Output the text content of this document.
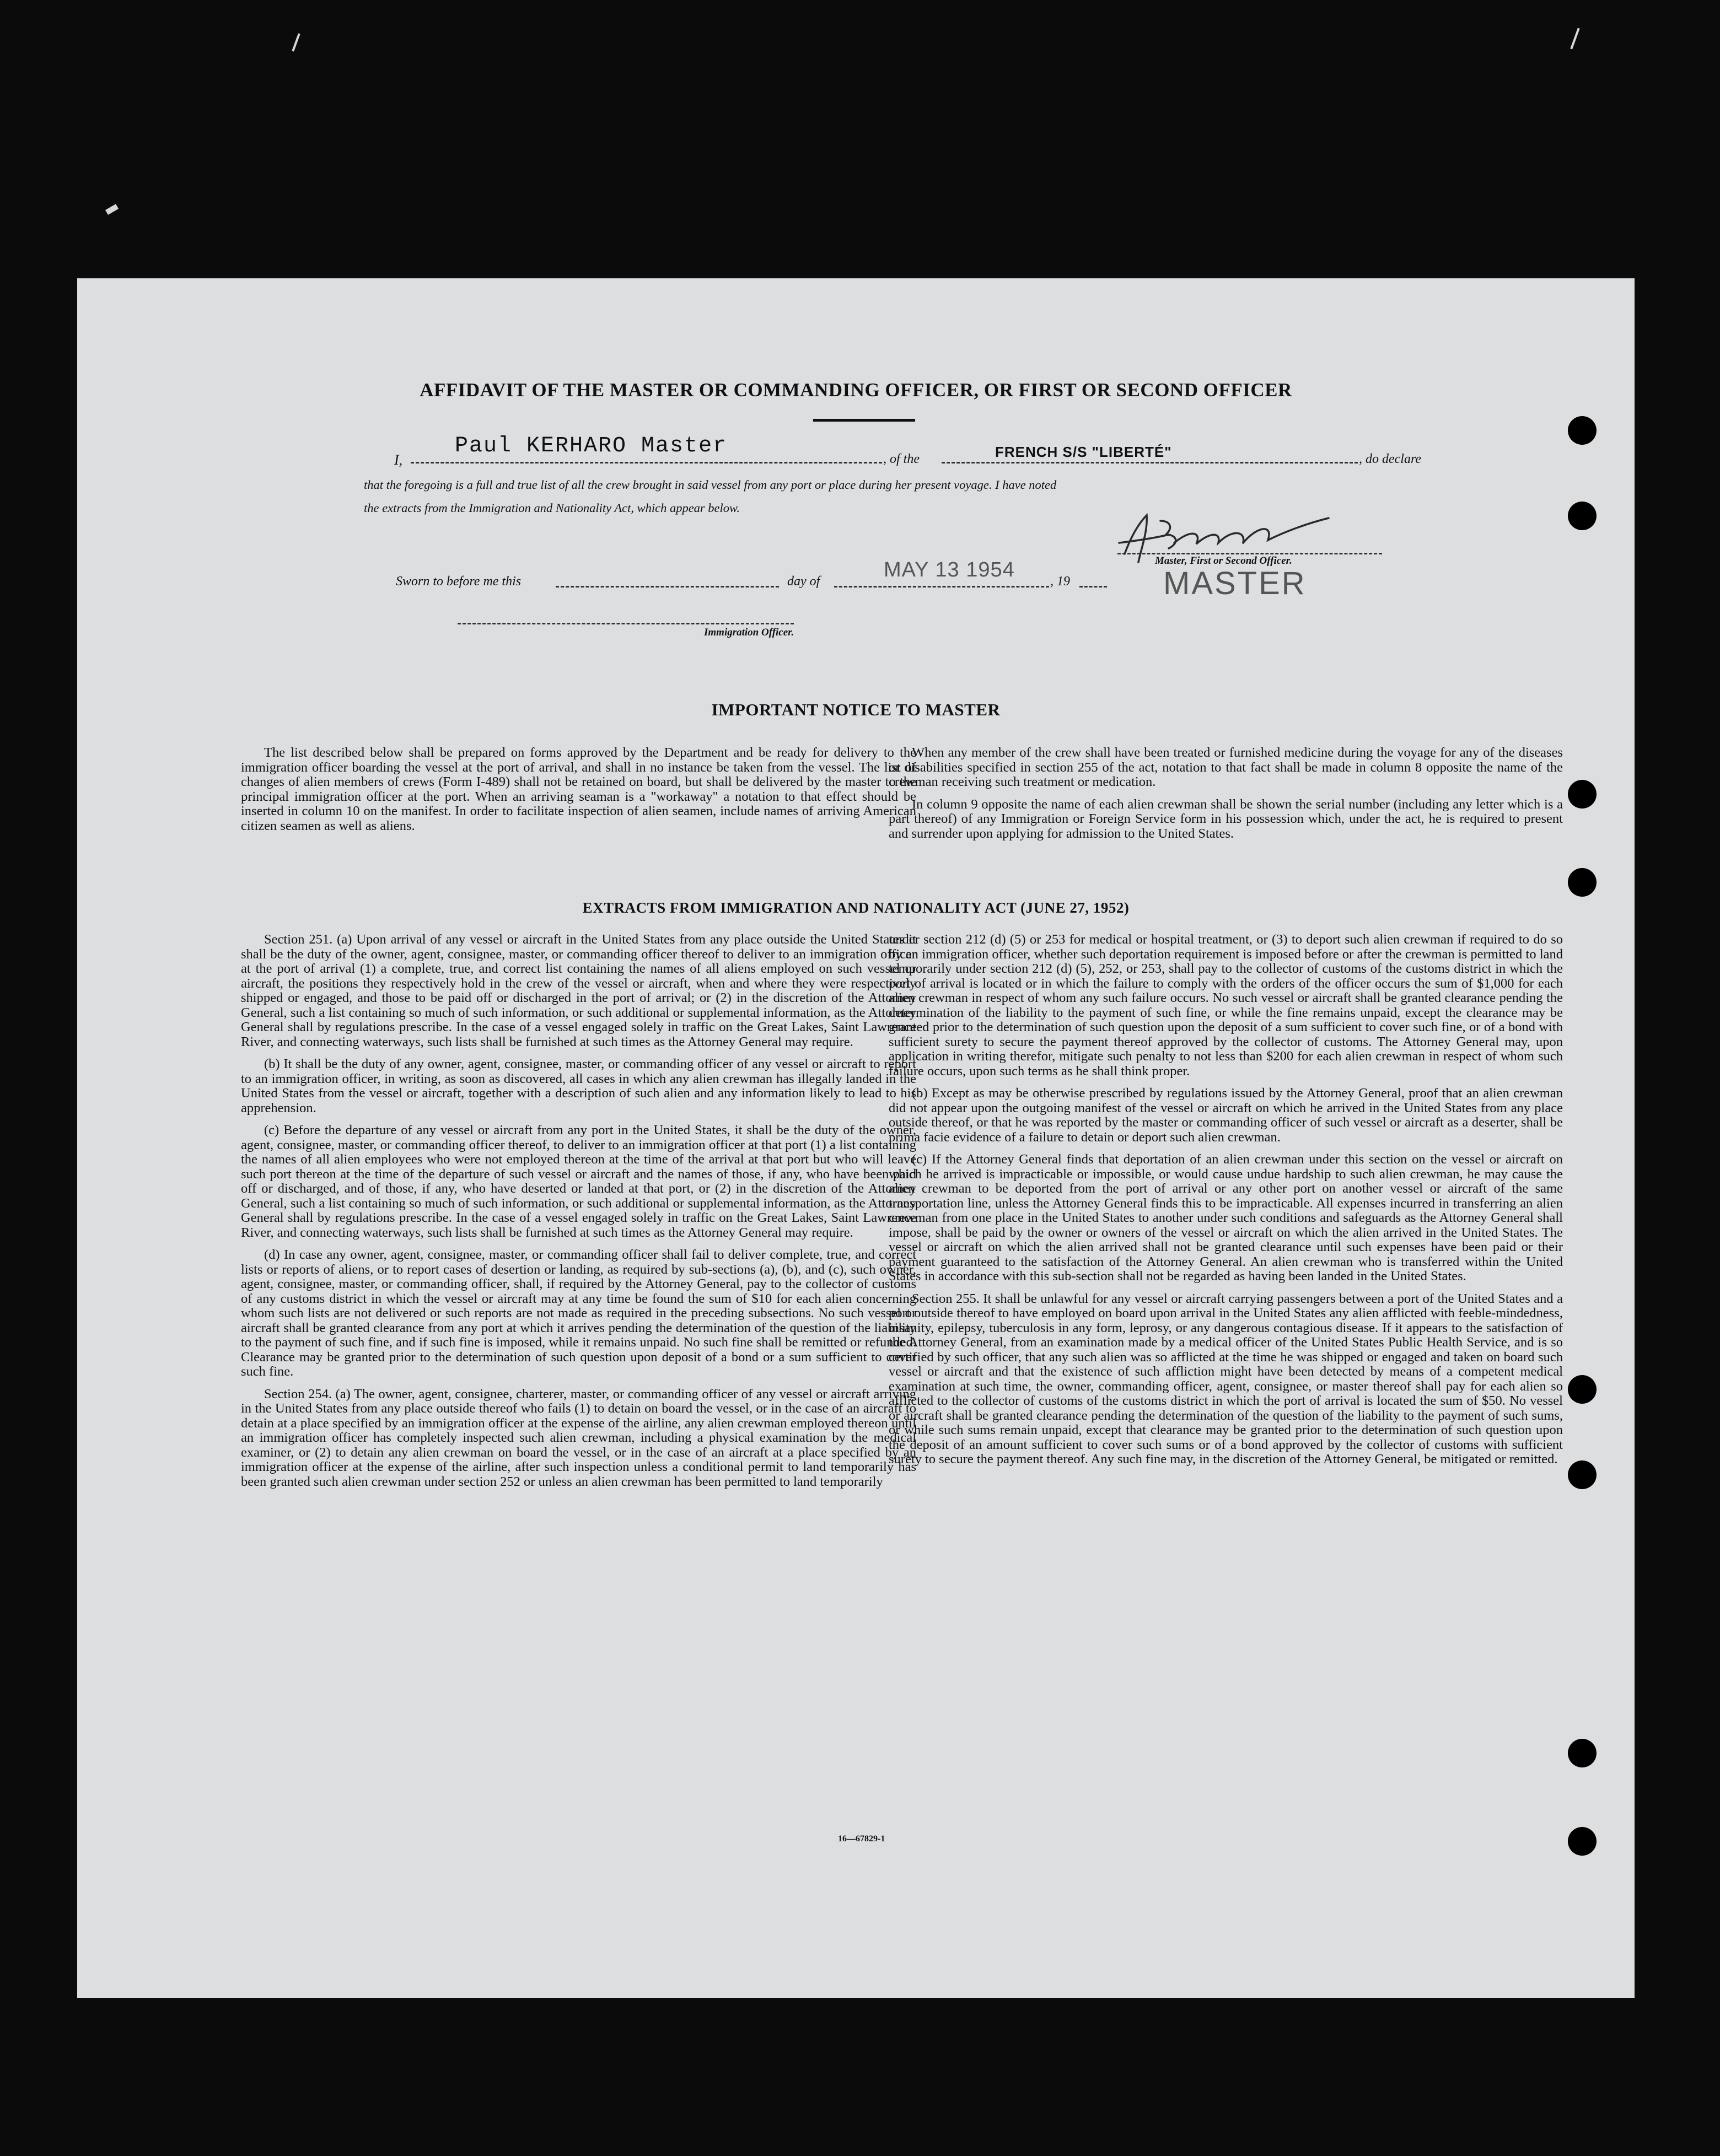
AFFIDAVIT OF THE MASTER OR COMMANDING OFFICER, OR FIRST OR SECOND OFFICER
I,
Paul KERHARO Master
, of the	FRENCH S/S "LIBERTÉ"	, do declare
that the foregoing is a full and true list of all the crew brought in said vessel from any port or place during her present voyage. I have noted
the extracts from the Immigration and Nationality Act, which appear below.
Master, First or Second Officer.
MASTER
Sworn to before me this	day of	MAY 13 1954	, 19
Immigration Officer.
IMPORTANT NOTICE TO MASTER

The list described below shall be prepared on forms approved by the Department and be ready for delivery to the immigration officer boarding the vessel at the port of arrival, and shall in no instance be taken from the vessel. The list of changes of alien members of crews (Form I-489) shall not be retained on board, but shall be delivered by the master to the principal immigration officer at the port. When an arriving seaman is a "workaway" a notation to that effect should be inserted in column 10 on the manifest. In order to facilitate inspection of alien seamen, include names of arriving American citizen seamen as well as aliens.

When any member of the crew shall have been treated or furnished medicine during the voyage for any of the diseases or disabilities specified in section 255 of the act, notation to that fact shall be made in column 8 opposite the name of the crewman receiving such treatment or medication.

In column 9 opposite the name of each alien crewman shall be shown the serial number (including any letter which is a part thereof) of any Immigration or Foreign Service form in his possession which, under the act, he is required to present and surrender upon applying for admission to the United States.

EXTRACTS FROM IMMIGRATION AND NATIONALITY ACT (JUNE 27, 1952)

Section 251. (a) Upon arrival of any vessel or aircraft in the United States from any place outside the United States it shall be the duty of the owner, agent, consignee, master, or commanding officer thereof to deliver to an immigration officer at the port of arrival (1) a complete, true, and correct list containing the names of all aliens employed on such vessel or aircraft, the positions they respectively hold in the crew of the vessel or aircraft, when and where they were respectively shipped or engaged, and those to be paid off or discharged in the port of arrival; or (2) in the discretion of the Attorney General, such a list containing so much of such information, or such additional or supplemental information, as the Attorney General shall by regulations prescribe. In the case of a vessel engaged solely in traffic on the Great Lakes, Saint Lawrence River, and connecting waterways, such lists shall be furnished at such times as the Attorney General may require.

(b) It shall be the duty of any owner, agent, consignee, master, or commanding officer of any vessel or aircraft to report to an immigration officer, in writing, as soon as discovered, all cases in which any alien crewman has illegally landed in the United States from the vessel or aircraft, together with a description of such alien and any information likely to lead to his apprehension.

(c) Before the departure of any vessel or aircraft from any port in the United States, it shall be the duty of the owner, agent, consignee, master, or commanding officer thereof, to deliver to an immigration officer at that port (1) a list containing the names of all alien employees who were not employed thereon at the time of the arrival at that port but who will leave such port thereon at the time of the departure of such vessel or aircraft and the names of those, if any, who have been paid off or discharged, and of those, if any, who have deserted or landed at that port, or (2) in the discretion of the Attorney General, such a list containing so much of such information, or such additional or supplemental information, as the Attorney General shall by regulations prescribe. In the case of a vessel engaged solely in traffic on the Great Lakes, Saint Lawrence River, and connecting waterways, such lists shall be furnished at such times as the Attorney General may require.

(d) In case any owner, agent, consignee, master, or commanding officer shall fail to deliver complete, true, and correct lists or reports of aliens, or to report cases of desertion or landing, as required by sub-sections (a), (b), and (c), such owner, agent, consignee, master, or commanding officer, shall, if required by the Attorney General, pay to the collector of customs of any customs district in which the vessel or aircraft may at any time be found the sum of $10 for each alien concerning whom such lists are not delivered or such reports are not made as required in the preceding subsections. No such vessel or aircraft shall be granted clearance from any port at which it arrives pending the determination of the question of the liability to the payment of such fine, and if such fine is imposed, while it remains unpaid. No such fine shall be remitted or refunded. Clearance may be granted prior to the determination of such question upon deposit of a bond or a sum sufficient to cover such fine.

Section 254. (a) The owner, agent, consignee, charterer, master, or commanding officer of any vessel or aircraft arriving in the United States from any place outside thereof who fails (1) to detain on board the vessel, or in the case of an aircraft to detain at a place specified by an immigration officer at the expense of the airline, any alien crewman employed thereon until an immigration officer has completely inspected such alien crewman, including a physical examination by the medical examiner, or (2) to detain any alien crewman on board the vessel, or in the case of an aircraft at a place specified by an immigration officer at the expense of the airline, after such inspection unless a conditional permit to land temporarily has been granted such alien crewman under section 252 or unless an alien crewman has been permitted to land temporarily

under section 212 (d) (5) or 253 for medical or hospital treatment, or (3) to deport such alien crewman if required to do so by an immigration officer, whether such deportation requirement is imposed before or after the crewman is permitted to land temporarily under section 212 (d) (5), 252, or 253, shall pay to the collector of customs of the customs district in which the port of arrival is located or in which the failure to comply with the orders of the officer occurs the sum of $1,000 for each alien crewman in respect of whom any such failure occurs. No such vessel or aircraft shall be granted clearance pending the determination of the liability to the payment of such fine, or while the fine remains unpaid, except the clearance may be granted prior to the determination of such question upon the deposit of a sum sufficient to cover such fine, or of a bond with sufficient surety to secure the payment thereof approved by the collector of customs. The Attorney General may, upon application in writing therefor, mitigate such penalty to not less than $200 for each alien crewman in respect of whom such failure occurs, upon such terms as he shall think proper.

(b) Except as may be otherwise prescribed by regulations issued by the Attorney General, proof that an alien crewman did not appear upon the outgoing manifest of the vessel or aircraft on which he arrived in the United States from any place outside thereof, or that he was reported by the master or commanding officer of such vessel or aircraft as a deserter, shall be prima facie evidence of a failure to detain or deport such alien crewman.

(c) If the Attorney General finds that deportation of an alien crewman under this section on the vessel or aircraft on which he arrived is impracticable or impossible, or would cause undue hardship to such alien crewman, he may cause the alien crewman to be deported from the port of arrival or any other port on another vessel or aircraft of the same transportation line, unless the Attorney General finds this to be impracticable. All expenses incurred in transferring an alien crewman from one place in the United States to another under such conditions and safeguards as the Attorney General shall impose, shall be paid by the owner or owners of the vessel or aircraft on which the alien arrived in the United States. The vessel or aircraft on which the alien arrived shall not be granted clearance until such expenses have been paid or their payment guaranteed to the satisfaction of the Attorney General. An alien crewman who is transferred within the United States in accordance with this sub-section shall not be regarded as having been landed in the United States.

Section 255. It shall be unlawful for any vessel or aircraft carrying passengers between a port of the United States and a port outside thereof to have employed on board upon arrival in the United States any alien afflicted with feeble-mindedness, insanity, epilepsy, tuberculosis in any form, leprosy, or any dangerous contagious disease. If it appears to the satisfaction of the Attorney General, from an examination made by a medical officer of the United States Public Health Service, and is so certified by such officer, that any such alien was so afflicted at the time he was shipped or engaged and taken on board such vessel or aircraft and that the existence of such affliction might have been detected by means of a competent medical examination at such time, the owner, commanding officer, agent, consignee, or master thereof shall pay for each alien so afflicted to the collector of customs of the customs district in which the port of arrival is located the sum of $50. No vessel or aircraft shall be granted clearance pending the determination of the question of the liability to the payment of such sums, or while such sums remain unpaid, except that clearance may be granted prior to the determination of such question upon the deposit of an amount sufficient to cover such sums or of a bond approved by the collector of customs with sufficient surety to secure the payment thereof. Any such fine may, in the discretion of the Attorney General, be mitigated or remitted.

16—67829-1
